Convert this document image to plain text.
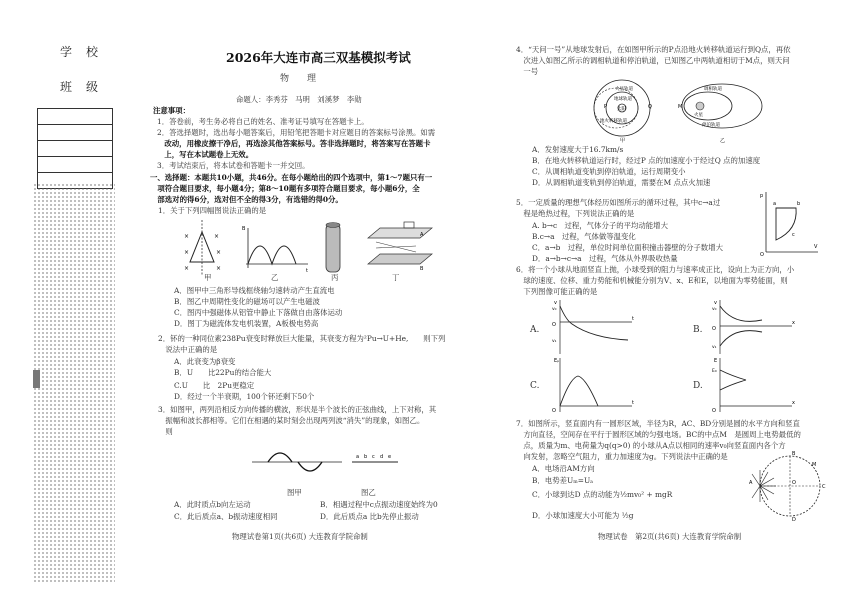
学　校
班　级
2026年大连市高三双基模拟考试
物　　理
命题人：李秀芬　马明　刘溪梦　李勋
注意事项：
1．答卷前，考生务必将自己的姓名、准考证号填写在答题卡上。
2．答选择题时，选出每小题答案后，用铅笔把答题卡对应题目的答案标号涂黑。如需
　改动，用橡皮擦干净后，再选涂其他答案标号。答非选择题时，将答案写在答题卡
　上，写在本试题卷上无效。
3．考试结束后，将本试卷和答题卡一并交回。
一、选择题：本题共10小题，共46分。在每小题给出的四个选项中，第1～7题只有一
　项符合题目要求，每小题4分；第8～10题有多项符合题目要求，每小题6分，全
　部选对的得6分，选对但不全的得3分，有选错的得0分。
1．关于下列四幅图说法正确的是
×	×
×	×
×	×
B
t
A
B
甲	乙	丙	丁
A．图甲中三角形导线框绕轴匀速转动产生直流电
B．图乙中周期性变化的磁场可以产生电磁波
C．图丙中强磁体从铝管中静止下落做自由落体运动
D．图丁为磁流体发电机装置，A板极电势高
2．钚的一种同位素238Pu衰变时释放巨大能量，其衰变方程为²Pu→U+He,　　则下列
　说法中正确的是
A．此衰变为β衰变
B．U　　比22Pu的结合能大
C.U　　比　2Pu更稳定
D．经过一个半衰期，100个钚还剩下50个
3．如图甲，两列沿相反方向传播的横波，形状是半个波长的正弦曲线，上下对称，其
　振幅和波长都相等。它们在相遇的某时刻会出现两列波“消失”的现象，如图乙。
　则
a b c d e
图甲	图乙
A．此时质点b向左运动	B．相遇过程中c点振动速度始终为0
C．此后质点a、b振动速度相同	D．此后质点a 比b先停止振动
物理试卷第1页(共6页) 大连教育学院命制
4．“天问一号”从地球发射后，在如图甲所示的P点沿地火转移轨道运行到Q点，再依
　次进入如图乙所示的调相轨道和停泊轨道，已知图乙中两轨道相切于M点，则天问
　一号
火星轨道
地球轨道
太阳
地火转移轨道
P	Q
甲
火星
调相轨道
停泊轨道
M
乙
A．发射速度大于16.7km/s
B．在地火转移轨道运行时，经过P 点的加速度小于经过Q 点的加速度
C．从调相轨道变轨到停泊轨道，运行周期变小
D．从调相轨道变轨到停泊轨道，需要在M 点点火加速
5．一定质量的理想气体经历如图所示的循环过程，其中c→a过
　程是绝热过程，下列说法正确的是
A. b→c　过程，气体分子的平均动能增大
B.c→a　过程，气体做等温变化
C．a→b　过程，单位时间单位面积撞击器壁的分子数增大
D．a→b→c→a　过程，气体从外界吸收热量
p
V
O
a	b
c
6．将一个小球从地面竖直上抛，小球受到的阻力与速率成正比，设向上为正方向，小
　球的速度、位移、重力势能和机械能分别为V、x、E和E，以地面为零势能面，则
　下列图像可能正确的是
A.	B.
C.	D.
v
t
O
v₀
v₁
v
x
O
v₀
v₁
Eₚ
t
O
E
x
O
E₀
7．如图所示，竖直面内有一圆形区域，半径为R，AC、BD分别是圆的水平方向和竖直
　方向直径，空间存在平行于圆形区域的匀强电场。BC的中点M　是圆周上电势最低的
　点，质量为m、电荷量为q(q>0) 的小球从A点以相同的速率v₀向竖直面内各个方
　向发射，忽略空气阻力，重力加速度为g。下列说法中正确的是
A．电场沿AM方向
B．电势差Uₘ=Uₐ
C．小球到达D 点的动能为½mv₀² + mgR
D．小球加速度大小可能为 ½g
A
B
C
D
M
O
物理试卷　第2页(共6页) 大连教育学院命制
